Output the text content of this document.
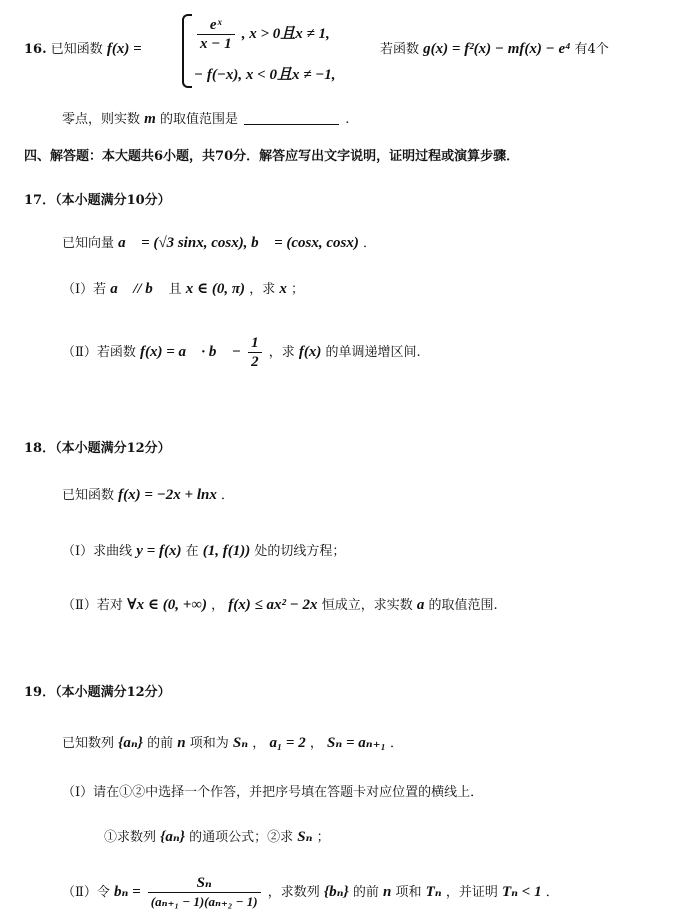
16. 已知函数 f(x) =	$\frac{\text{eˣ}}{x - 1}$ , x > 0且x ≠ 1,
− f(−x), x < 0且x ≠ −1,
若函数 g(x) = f²(x) − mf(x) − e⁴ 有4个
零点，则实数 m 的取值范围是	.
四、解答题：本大题共6小题，共70分．解答应写出文字说明，证明过程或演算步骤．
17．（本小题满分10分）
已知向量 a⃗ = (√3 sinx, cosx), b⃗ = (cosx, cosx) ．
（Ⅰ）若 a⃗ // b⃗ 且 x ∈ (0, π) ，求 x ；
（Ⅱ）若函数 f(x) = a⃗ · b⃗ − $\frac{1}{2}$ ，求 f(x) 的单调递增区间.
18．（本小题满分12分）
已知函数 f(x) = −2x + lnx ．
（Ⅰ）求曲线 y = f(x) 在 (1, f(1)) 处的切线方程；
（Ⅱ）若对 ∀x ∈ (0, +∞) ， f(x) ≤ ax² − 2x 恒成立，求实数 a 的取值范围.
19．（本小题满分12分）
已知数列 {aₙ} 的前 n 项和为 Sₙ ， a₁ = 2 ， Sₙ = aₙ₊₁ ．
（Ⅰ）请在①②中选择一个作答，并把序号填在答题卡对应位置的横线上．
①求数列 {aₙ} 的通项公式；②求 Sₙ ；
（Ⅱ）令 $b_n = \frac{\text{Sₙ}}{\text{(aₙ₊₁ − 1)(aₙ₊₂ − 1)}}$ ，求数列 {bₙ} 的前 n 项和 Tₙ ，并证明 Tₙ < 1 ．
